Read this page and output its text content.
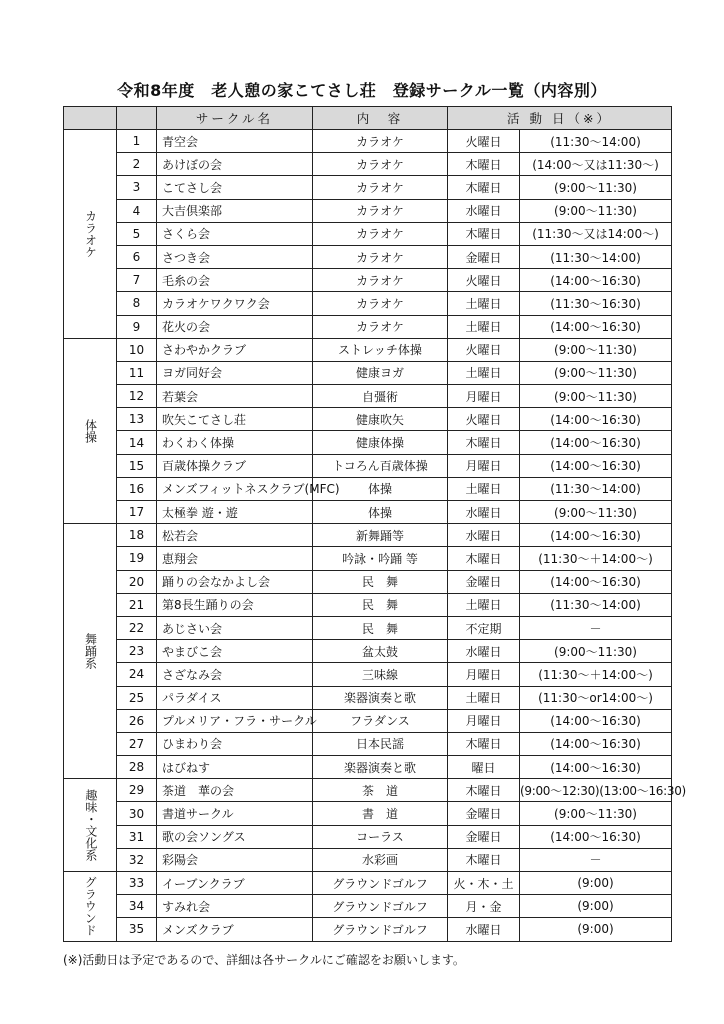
令和8年度　老人憩の家こてさし荘　登録サークル一覧（内容別）
		サークル名	内　容	活 動 日（※）	
カラオケ	1	青空会	カラオケ	火曜日	(11:30～14:00)
	2	あけぼの会	カラオケ	木曜日	(14:00～又は11:30～)
	3	こてさし会	カラオケ	木曜日	(9:00～11:30)
	4	大吉倶楽部	カラオケ	水曜日	(9:00～11:30)
	5	さくら会	カラオケ	木曜日	(11:30～又は14:00～)
	6	さつき会	カラオケ	金曜日	(11:30～14:00)
	7	毛糸の会	カラオケ	火曜日	(14:00～16:30)
	8	カラオケワクワク会	カラオケ	土曜日	(11:30～16:30)
	9	花火の会	カラオケ	土曜日	(14:00～16:30)
体操	10	さわやかクラブ	ストレッチ体操	火曜日	(9:00～11:30)
	11	ヨガ同好会	健康ヨガ	土曜日	(9:00～11:30)
	12	若葉会	自彊術	月曜日	(9:00～11:30)
	13	吹矢こてさし荘	健康吹矢	火曜日	(14:00～16:30)
	14	わくわく体操	健康体操	木曜日	(14:00～16:30)
	15	百歳体操クラブ	トコろん百歳体操	月曜日	(14:00～16:30)
	16	メンズフィットネスクラブ(MFC)	体操	土曜日	(11:30～14:00)
	17	太極拳 遊・遊	体操	水曜日	(9:00～11:30)
舞踊系	18	松若会	新舞踊等	水曜日	(14:00～16:30)
	19	恵翔会	吟詠・吟踊 等	木曜日	(11:30～＋14:00～)
	20	踊りの会なかよし会	民　舞	金曜日	(14:00～16:30)
	21	第8長生踊りの会	民　舞	土曜日	(11:30～14:00)
	22	あじさい会	民　舞	不定期	－
	23	やまびこ会	盆太鼓	水曜日	(9:00～11:30)
	24	さざなみ会	三味線	月曜日	(11:30～＋14:00～)
	25	パラダイス	楽器演奏と歌	土曜日	(11:30～or14:00～)
	26	プルメリア・フラ・サークル	フラダンス	月曜日	(14:00～16:30)
	27	ひまわり会	日本民謡	木曜日	(14:00～16:30)
	28	はびねす	楽器演奏と歌	曜日	(14:00～16:30)
趣味・文化系	29	茶道　華の会	茶　道	木曜日	(9:00～12:30)(13:00～16:30)
	30	書道サークル	書　道	金曜日	(9:00～11:30)
	31	歌の会ソングス	コーラス	金曜日	(14:00～16:30)
	32	彩陽会	水彩画	木曜日	－
グラウンド	33	イーブンクラブ	グラウンドゴルフ	火・木・土	(9:00)
	34	すみれ会	グラウンドゴルフ	月・金	(9:00)
	35	メンズクラブ	グラウンドゴルフ	水曜日	(9:00)
(※)活動日は予定であるので、詳細は各サークルにご確認をお願いします。
